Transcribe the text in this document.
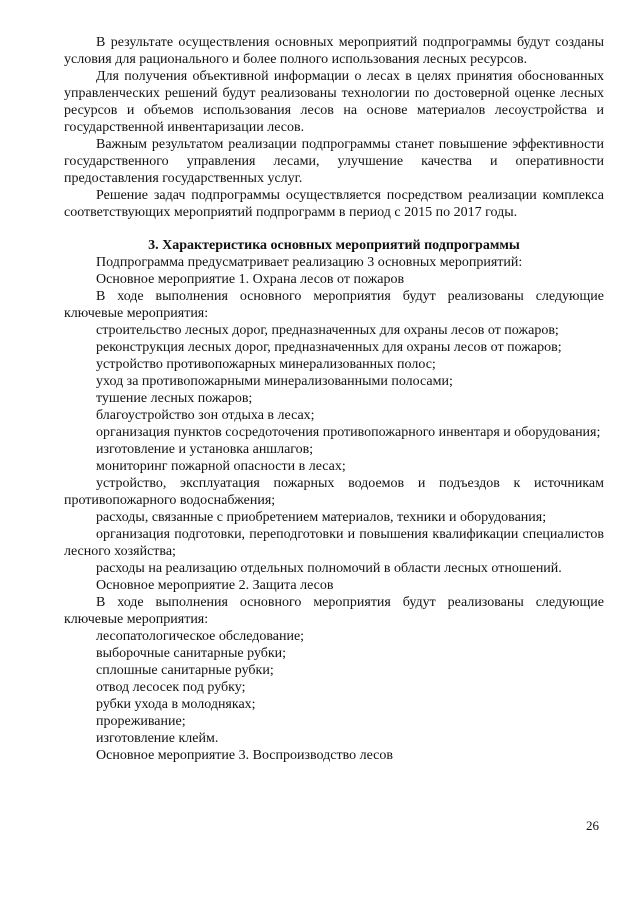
В результате осуществления основных мероприятий подпрограммы будут созданы условия для рационального и более полного использования лесных ресурсов.

Для получения объективной информации о лесах в целях принятия обоснованных управленческих решений будут реализованы технологии по достоверной оценке лесных ресурсов и объемов использования лесов на основе материалов лесоустройства и государственной инвентаризации лесов.

Важным результатом реализации подпрограммы станет повышение эффективности государственного управления лесами, улучшение качества и оперативности предоставления государственных услуг.

Решение задач подпрограммы осуществляется посредством реализации комплекса соответствующих мероприятий подпрограмм в период с 2015 по 2017 годы.

3. Характеристика основных мероприятий подпрограммы

Подпрограмма предусматривает реализацию 3 основных мероприятий:

Основное мероприятие 1. Охрана лесов от пожаров

В ходе выполнения основного мероприятия будут реализованы следующие ключевые мероприятия:

строительство лесных дорог, предназначенных для охраны лесов от пожаров;

реконструкция лесных дорог, предназначенных для охраны лесов от пожаров;

устройство противопожарных минерализованных полос;

уход за противопожарными минерализованными полосами;

тушение лесных пожаров;

благоустройство зон отдыха в лесах;

организация пунктов сосредоточения противопожарного инвентаря и оборудования;

изготовление и установка аншлагов;

мониторинг пожарной опасности в лесах;

устройство, эксплуатация пожарных водоемов и подъездов к источникам противопожарного водоснабжения;

расходы, связанные с приобретением материалов, техники и оборудования;

организация подготовки, переподготовки и повышения квалификации специалистов лесного хозяйства;

расходы на реализацию отдельных полномочий в области лесных отношений.

Основное мероприятие 2. Защита лесов

В ходе выполнения основного мероприятия будут реализованы следующие ключевые мероприятия:

лесопатологическое обследование;

выборочные санитарные рубки;

сплошные санитарные рубки;

отвод лесосек под рубку;

рубки ухода в молодняках;

прореживание;

изготовление клейм.

Основное мероприятие 3. Воспроизводство лесов

26
